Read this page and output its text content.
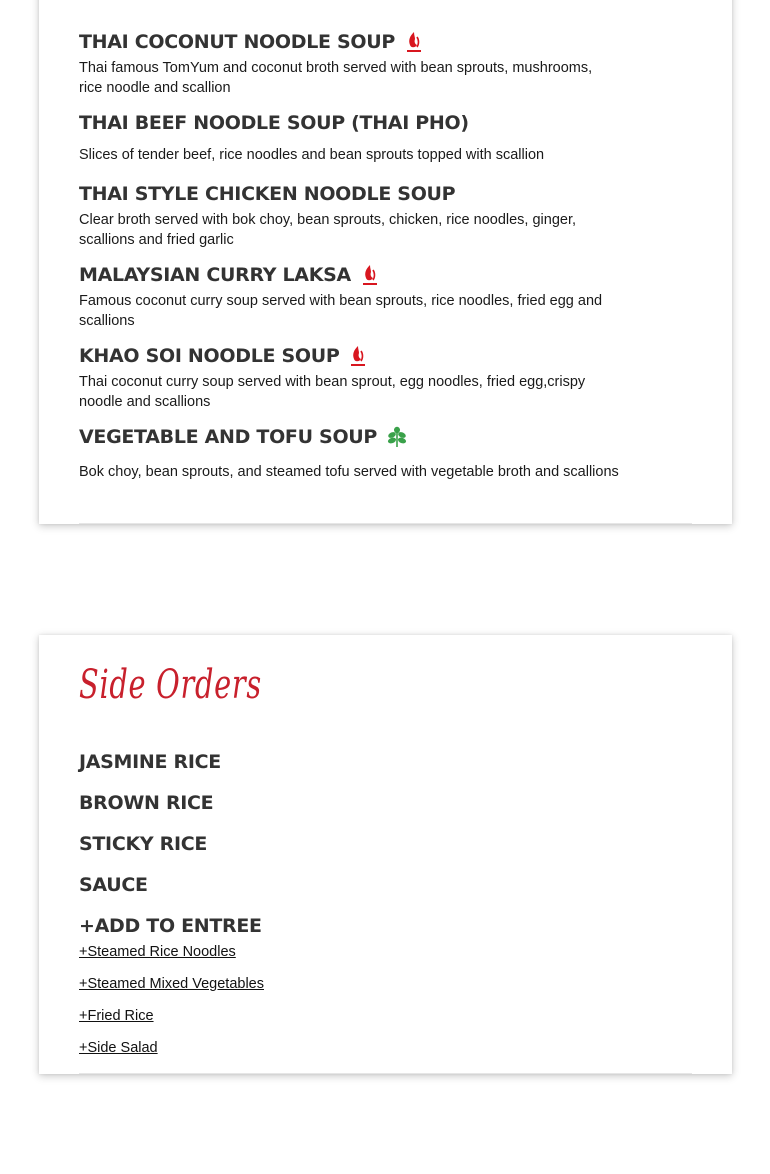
THAI COCONUT NOODLE SOUP
Thai famous TomYum and coconut broth served with bean sprouts, mushrooms, rice noodle and scallion
THAI BEEF NOODLE SOUP (THAI PHO)
Slices of tender beef, rice noodles and bean sprouts topped with scallion
THAI STYLE CHICKEN NOODLE SOUP
Clear broth served with bok choy, bean sprouts, chicken, rice noodles, ginger, scallions and fried garlic
MALAYSIAN CURRY LAKSA
Famous coconut curry soup served with bean sprouts, rice noodles, fried egg and scallions
KHAO SOI NOODLE SOUP
Thai coconut curry soup served with bean sprout, egg noodles, fried egg,crispy noodle and scallions
VEGETABLE AND TOFU SOUP
Bok choy, bean sprouts, and steamed tofu served with vegetable broth and scallions
Side Orders
JASMINE RICE
BROWN RICE
STICKY RICE
SAUCE
+ADD TO ENTREE
+Steamed Rice Noodles
+Steamed Mixed Vegetables
+Fried Rice
+Side Salad
